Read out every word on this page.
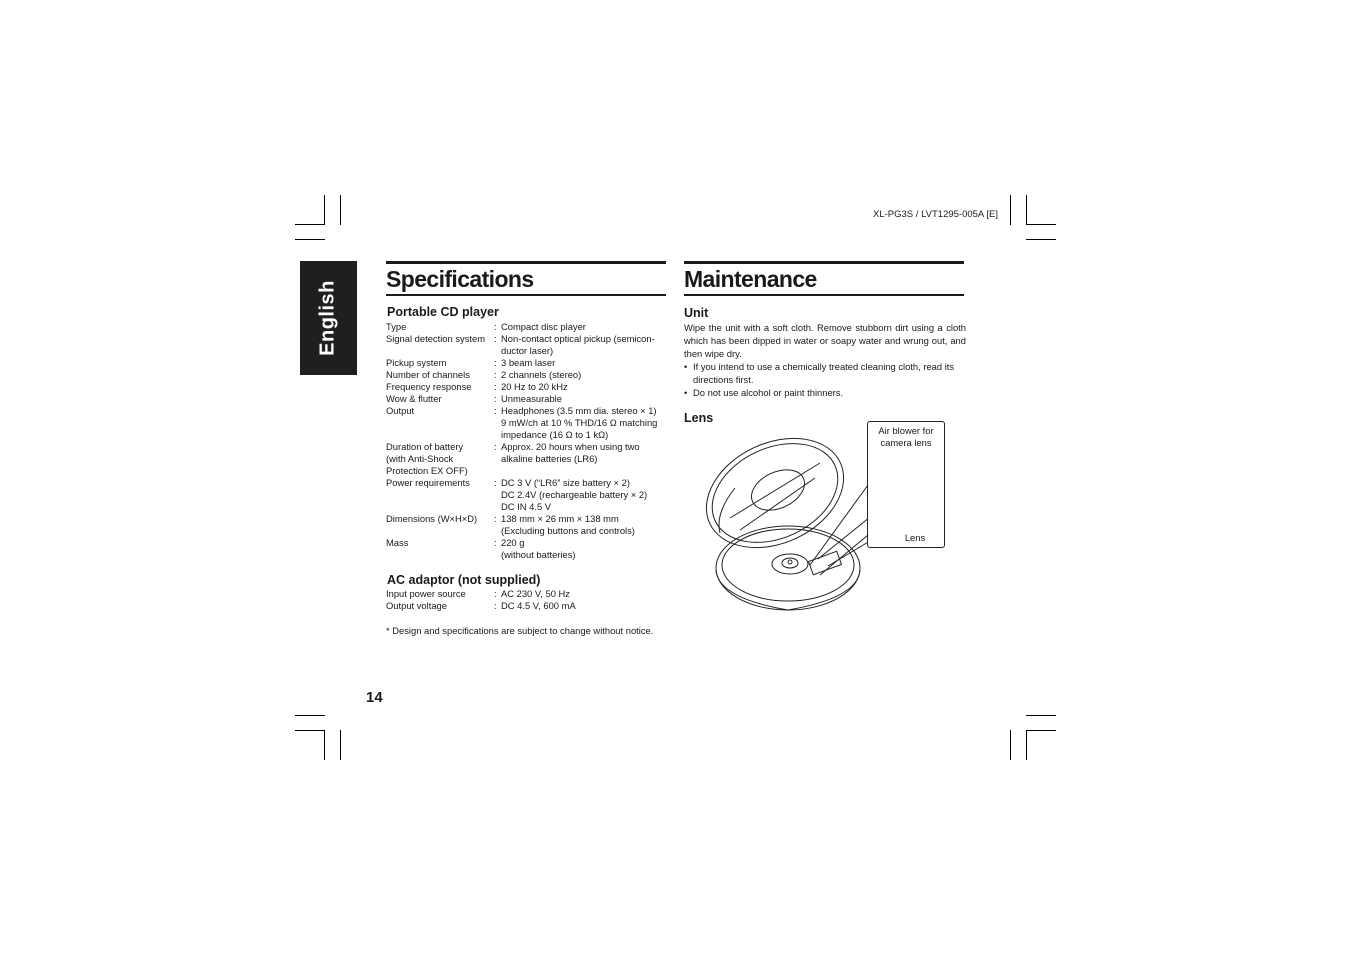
XL-PG3S / LVT1295-005A [E]
English
Specifications
Portable CD player
Type	:	Compact disc player
Signal detection system	:	Non-contact optical pickup (semicon-
ductor laser)
Pickup system	:	3 beam laser
Number of channels	:	2 channels (stereo)
Frequency response	:	20 Hz to 20 kHz
Wow & flutter	:	Unmeasurable
Output	:	Headphones (3.5 mm dia. stereo × 1)
9 mW/ch at 10 % THD/16 Ω matching
impedance (16 Ω to 1 kΩ)
Duration of battery
(with Anti-Shock
Protection EX OFF)	:	Approx. 20 hours when using two
alkaline batteries (LR6)
Power requirements	:	DC 3 V (“LR6” size battery × 2)
DC 2.4V (rechargeable battery × 2)
DC IN 4.5 V
Dimensions (W×H×D)	:	138 mm × 26 mm × 138 mm
(Excluding buttons and controls)
Mass	:	220 g
(without batteries)
AC adaptor (not supplied)
Input power source	:	AC 230 V, 50 Hz
Output voltage	:	DC 4.5 V, 600 mA
* Design and specifications are subject to change without notice.
14
Maintenance
Unit
Wipe the unit with a soft cloth. Remove stubborn dirt using a cloth which has been dipped in water or soapy water and wrung out, and then wipe dry.
• If you intend to use a chemically treated cleaning cloth, read its directions first.
• Do not use alcohol or paint thinners.
Lens
Air blower for
camera lens
Lens
